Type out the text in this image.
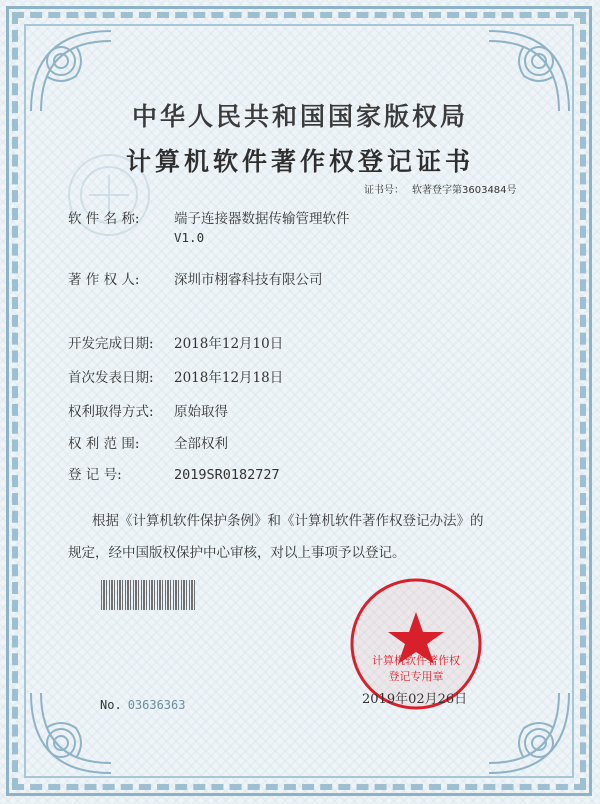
中华人民共和国国家版权局
计算机软件著作权登记证书
证书号： 软著登字第3603484号
软 件 名 称:	端子连接器数据传输管理软件
V1.0
著 作 权 人:	深圳市栩睿科技有限公司
开发完成日期: 2018年12月10日
首次发表日期: 2018年12月18日
权利取得方式: 原始取得
权 利 范 围:	全部权利
登 记 号:	2019SR0182727
根据《计算机软件保护条例》和《计算机软件著作权登记办法》的
规定，经中国版权保护中心审核，对以上事项予以登记。
计算机软件著作权
登记专用章
No. 03636363	2019年02月26日
